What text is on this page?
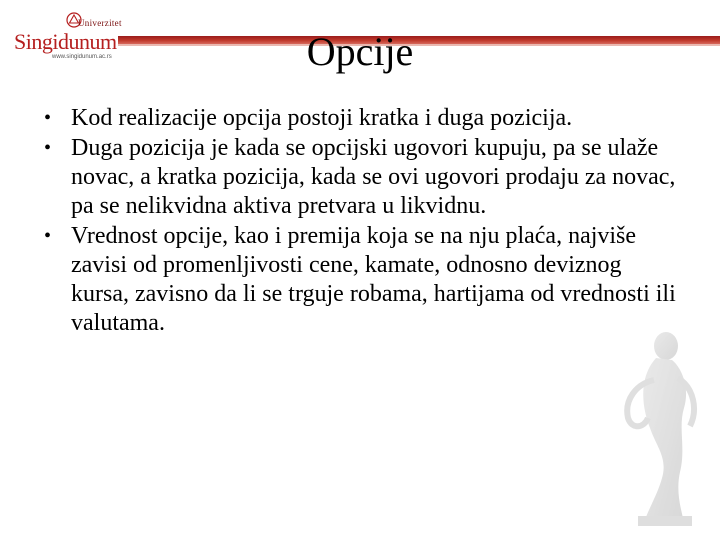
Univerzitet
Singidunum
www.singidunum.ac.rs	Opcije
• Kod realizacije opcija postoji kratka i duga pozicija.
• Duga pozicija je kada se opcijski ugovori kupuju, pa se ulaže novac, a kratka pozicija, kada se ovi ugovori prodaju za novac, pa se nelikvidna aktiva pretvara u likvidnu.
• Vrednost opcije, kao i premija koja se na nju plaća, najviše zavisi od promenljivosti cene, kamate, odnosno deviznog kursa, zavisno da li se trguje robama, hartijama od vrednosti ili valutama.
